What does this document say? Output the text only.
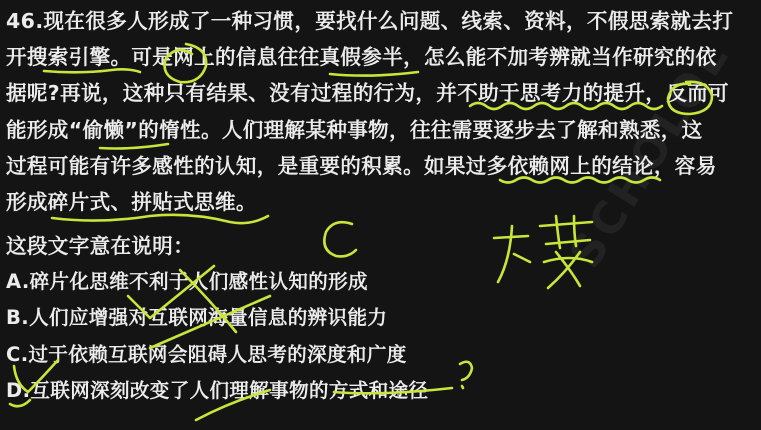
SCHOLOL
46.现在很多人形成了一种习惯，要找什么问题、线索、资料，不假思索就去打
开搜索引擎。可是网上的信息往往真假参半，怎么能不加考辨就当作研究的依
据呢?再说，这种只有结果、没有过程的行为，并不助于思考力的提升，反而可
能形成“偷懒”的惰性。人们理解某种事物，往往需要逐步去了解和熟悉，这
过程可能有许多感性的认知，是重要的积累。如果过多依赖网上的结论，容易
形成碎片式、拼贴式思维。
这段文字意在说明：
A.碎片化思维不利于人们感性认知的形成
B.人们应增强对互联网海量信息的辨识能力
C.过于依赖互联网会阻碍人思考的深度和广度
D.互联网深刻改变了人们理解事物的方式和途径
